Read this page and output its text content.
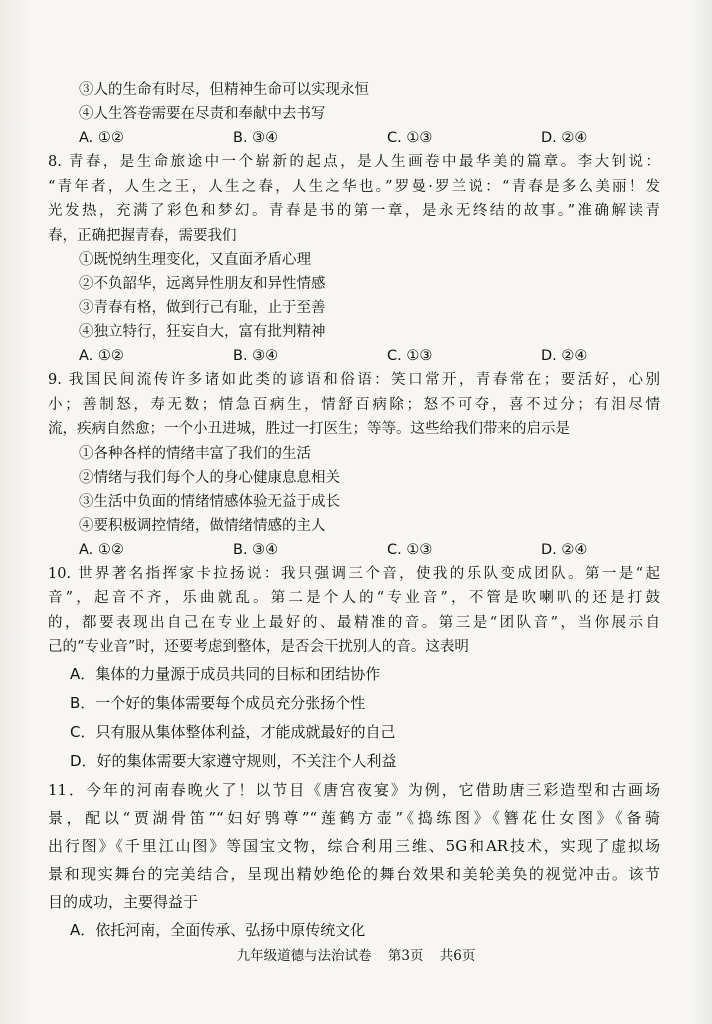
③人的生命有时尽，但精神生命可以实现永恒
④人生答卷需要在尽责和奉献中去书写
A. ①②	B. ③④	C. ①③	D. ②④
8. 青春，是生命旅途中一个崭新的起点，是人生画卷中最华美的篇章。李大钊说：
“青年者，人生之王，人生之春，人生之华也。”罗曼·罗兰说：“青春是多么美丽！发
光发热，充满了彩色和梦幻。青春是书的第一章，是永无终结的故事。”准确解读青
春，正确把握青春，需要我们
①既悦纳生理变化，又直面矛盾心理
②不负韶华，远离异性朋友和异性情感
③青春有格，做到行己有耻，止于至善
④独立特行，狂妄自大，富有批判精神
A. ①②	B. ③④	C. ①③	D. ②④
9. 我国民间流传许多诸如此类的谚语和俗语：笑口常开，青春常在；要活好，心别
小；善制怒，寿无数；情急百病生，情舒百病除；怒不可夺，喜不过分；有泪尽情
流，疾病自然愈；一个小丑进城，胜过一打医生；等等。这些给我们带来的启示是
①各种各样的情绪丰富了我们的生活
②情绪与我们每个人的身心健康息息相关
③生活中负面的情绪情感体验无益于成长
④要积极调控情绪，做情绪情感的主人
A. ①②	B. ③④	C. ①③	D. ②④
10. 世界著名指挥家卡拉扬说：我只强调三个音，使我的乐队变成团队。第一是“起
音”，起音不齐，乐曲就乱。第二是个人的“专业音”，不管是吹喇叭的还是打鼓
的，都要表现出自己在专业上最好的、最精准的音。第三是“团队音”，当你展示自
己的“专业音”时，还要考虑到整体，是否会干扰别人的音。这表明
A．集体的力量源于成员共同的目标和团结协作
B．一个好的集体需要每个成员充分张扬个性
C．只有服从集体整体利益，才能成就最好的自己
D．好的集体需要大家遵守规则，不关注个人利益
11．今年的河南春晚火了！以节目《唐宫夜宴》为例，它借助唐三彩造型和古画场
景，配以“贾湖骨笛”“妇好鸮尊”“莲鹤方壶”《捣练图》《簪花仕女图》《备骑
出行图》《千里江山图》等国宝文物，综合利用三维、5G和AR技术，实现了虚拟场
景和现实舞台的完美结合，呈现出精妙绝伦的舞台效果和美轮美奂的视觉冲击。该节
目的成功，主要得益于
A．依托河南，全面传承、弘扬中原传统文化
九年级道德与法治试卷 第3页 共6页
